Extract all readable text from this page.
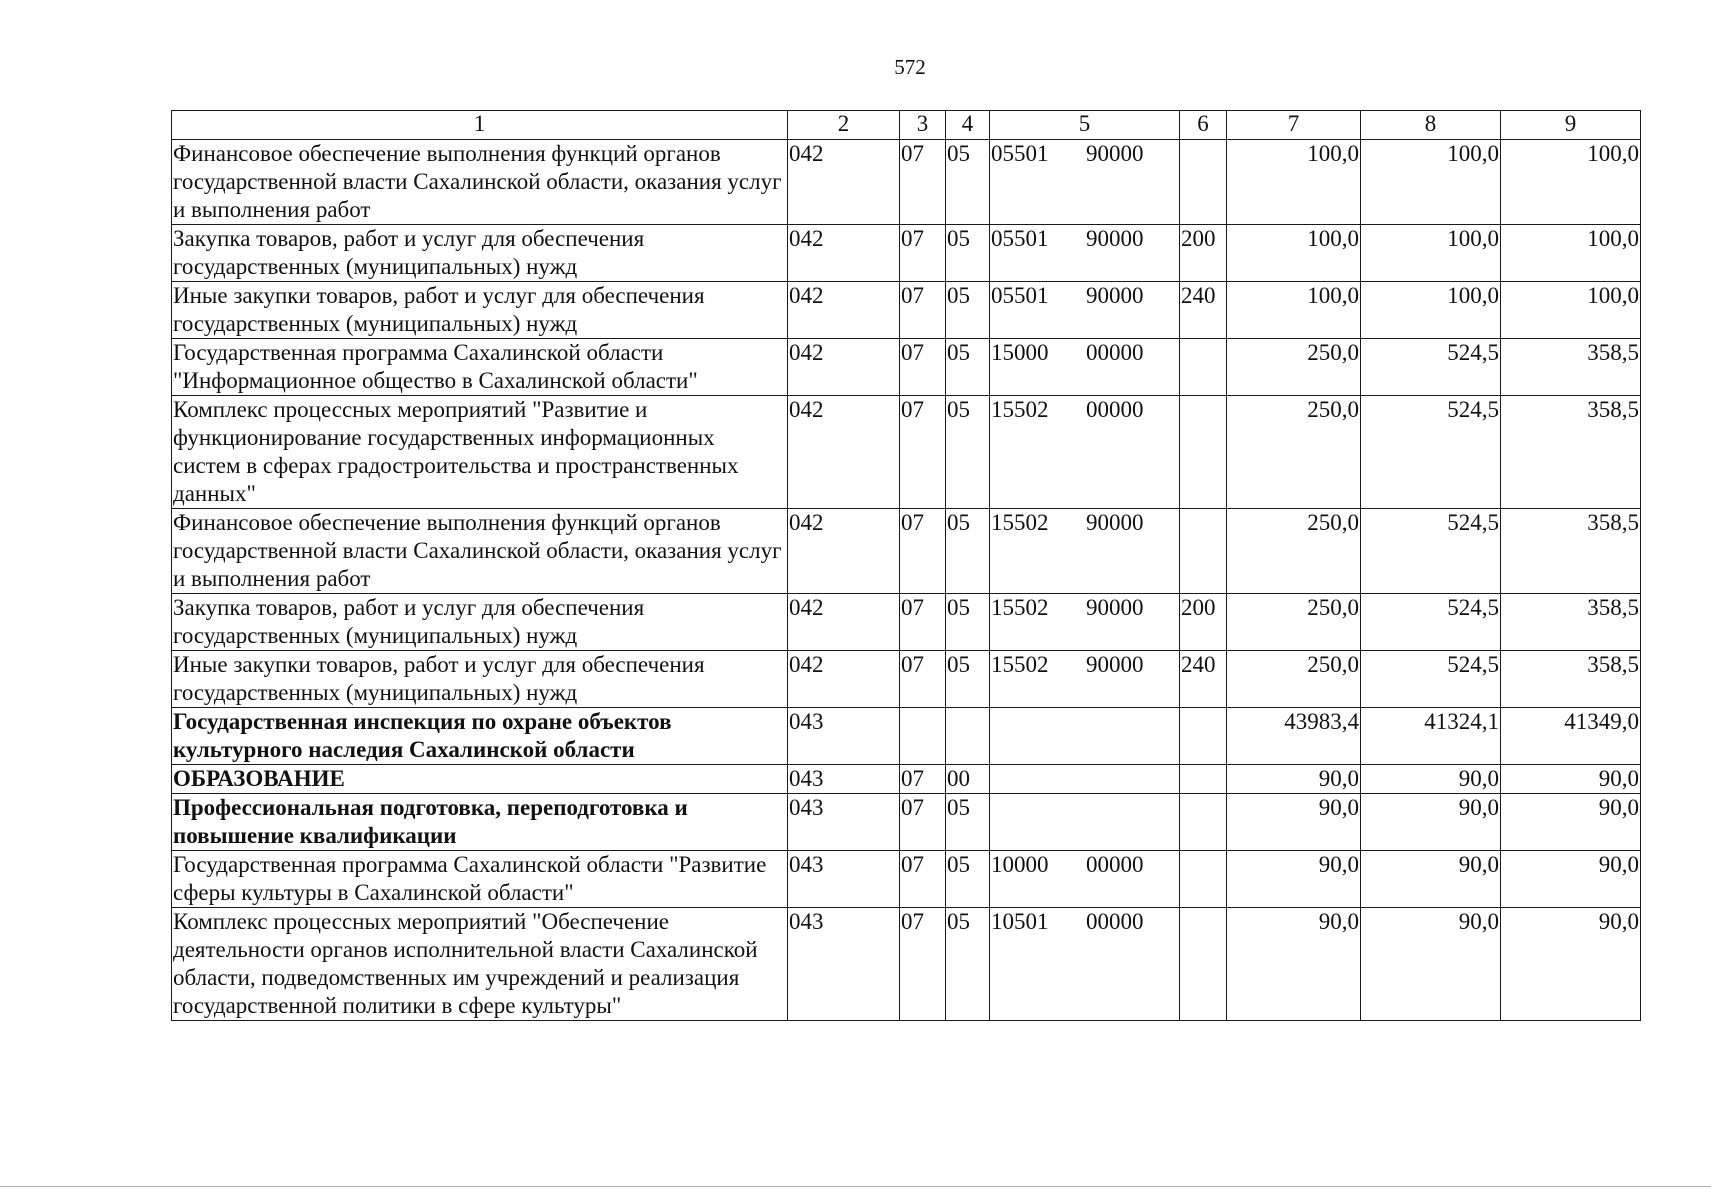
572
1	2	3	4	5	6	7	8	9
Финансовое обеспечение выполнения функций органов государственной власти Сахалинской области, оказания услуг и выполнения работ	042	07	05	05501 90000		100,0	100,0	100,0
Закупка товаров, работ и услуг для обеспечения государственных (муниципальных) нужд	042	07	05	05501 90000	200	100,0	100,0	100,0
Иные закупки товаров, работ и услуг для обеспечения государственных (муниципальных) нужд	042	07	05	05501 90000	240	100,0	100,0	100,0
Государственная программа Сахалинской области "Информационное общество в Сахалинской области"	042	07	05	15000 00000		250,0	524,5	358,5
Комплекс процессных мероприятий "Развитие и функционирование государственных информационных систем в сферах градостроительства и пространственных данных"	042	07	05	15502 00000		250,0	524,5	358,5
Финансовое обеспечение выполнения функций органов государственной власти Сахалинской области, оказания услуг и выполнения работ	042	07	05	15502 90000		250,0	524,5	358,5
Закупка товаров, работ и услуг для обеспечения государственных (муниципальных) нужд	042	07	05	15502 90000	200	250,0	524,5	358,5
Иные закупки товаров, работ и услуг для обеспечения государственных (муниципальных) нужд	042	07	05	15502 90000	240	250,0	524,5	358,5
Государственная инспекция по охране объектов культурного наследия Сахалинской области	043					43983,4	41324,1	41349,0
ОБРАЗОВАНИЕ	043	07	00			90,0	90,0	90,0
Профессиональная подготовка, переподготовка и повышение квалификации	043	07	05			90,0	90,0	90,0
Государственная программа Сахалинской области "Развитие сферы культуры в Сахалинской области"	043	07	05	10000 00000		90,0	90,0	90,0
Комплекс процессных мероприятий "Обеспечение деятельности органов исполнительной власти Сахалинской области, подведомственных им учреждений и реализация государственной политики в сфере культуры"	043	07	05	10501 00000		90,0	90,0	90,0
